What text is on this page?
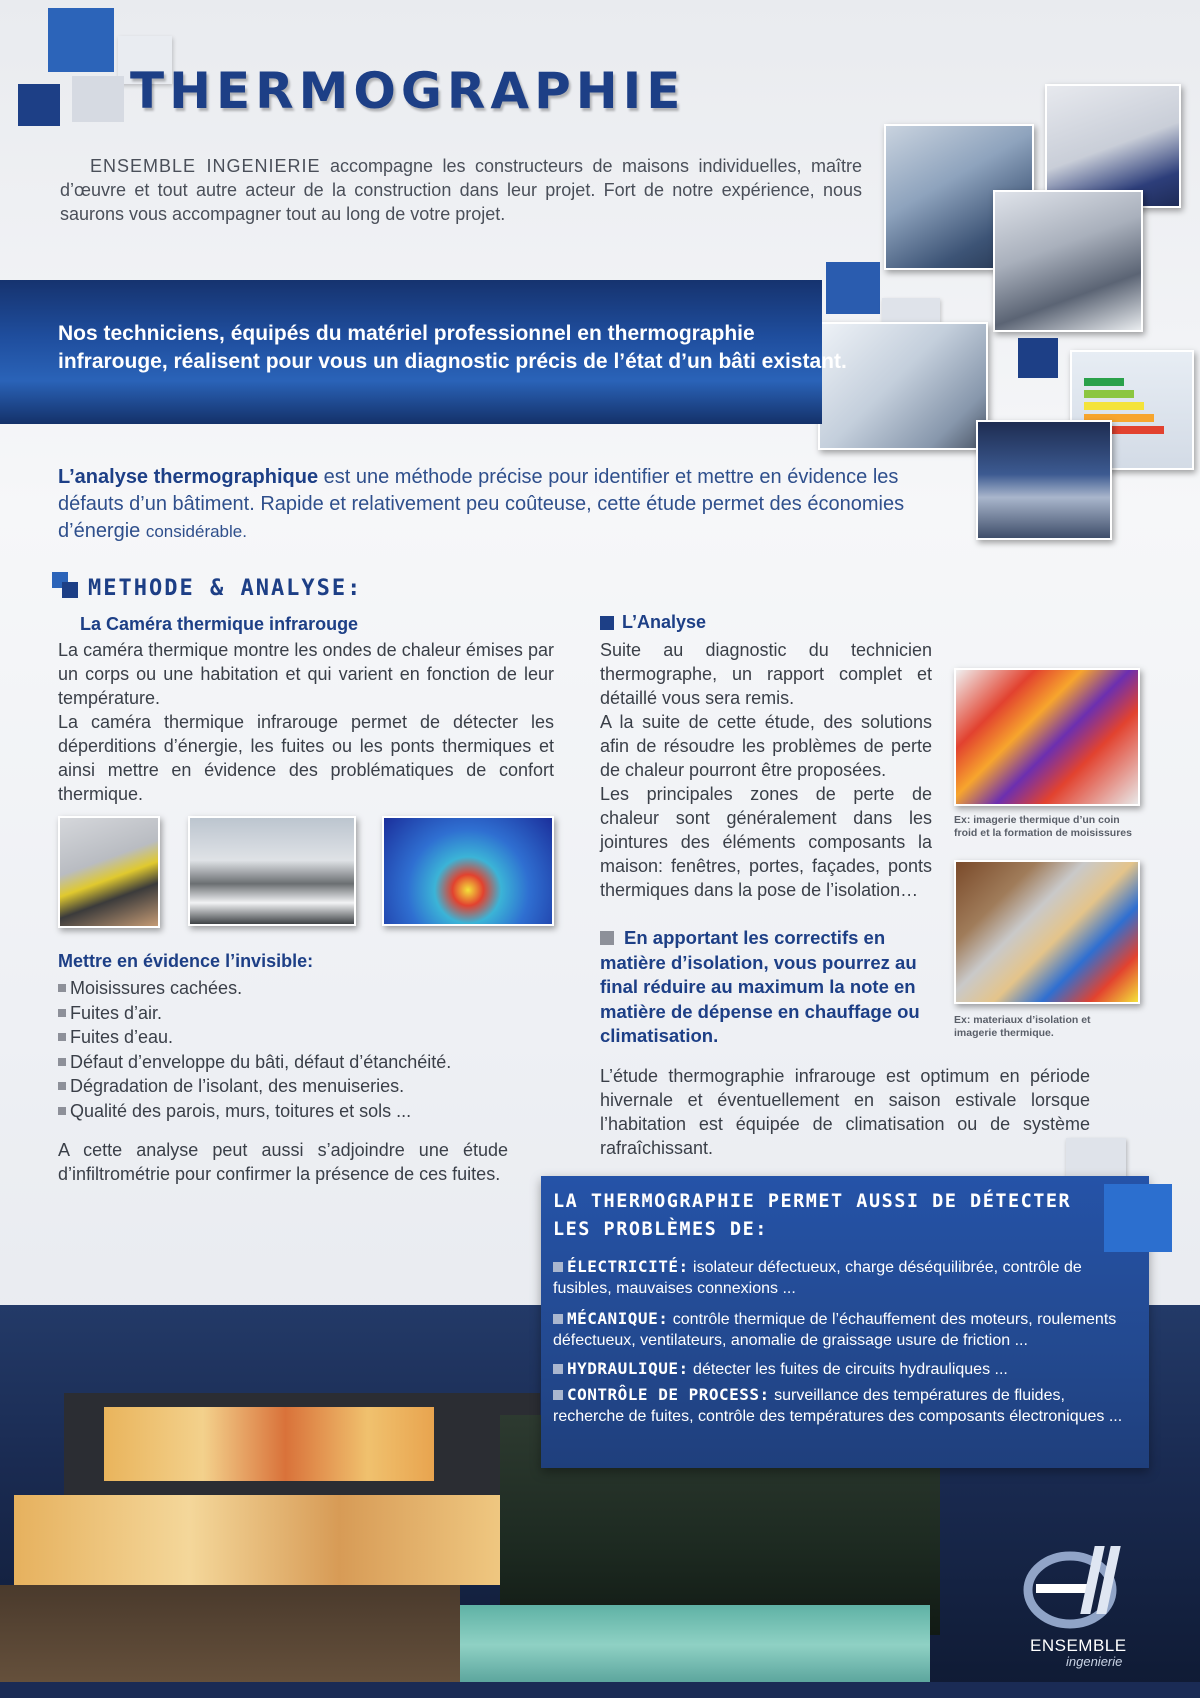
THERMOGRAPHIE

ENSEMBLE INGENIERIE accompagne les constructeurs de maisons individuelles, maître d’œuvre et tout autre acteur de la construction dans leur projet. Fort de notre expérience, nous saurons vous accompagner tout au long de votre projet.

Nos techniciens, équipés du matériel professionnel en thermographie
infrarouge, réalisent pour vous un diagnostic précis de l’état d’un bâti existant.

L’analyse thermographique est une méthode précise pour identifier et mettre en évidence les défauts d’un bâtiment. Rapide et relativement peu coûteuse, cette étude permet des économies d’énergie considérable.

METHODE & ANALYSE:
La Caméra thermique infrarouge

La caméra thermique montre les ondes de chaleur émises par un corps ou une habitation et qui varient en fonction de leur température.

La caméra thermique infrarouge permet de détecter les déperditions d’énergie, les fuites ou les ponts thermiques et ainsi mettre en évidence des problématiques de confort thermique.

Mettre en évidence l’invisible:
Moisissures cachées.
Fuites d’air.
Fuites d’eau.
Défaut d’enveloppe du bâti, défaut d’étanchéité.
Dégradation de l’isolant, des menuiseries.
Qualité des parois, murs, toitures et sols ...

A cette analyse peut aussi s’adjoindre une étude d’infiltrométrie pour confirmer la présence de ces fuites.

L’Analyse

Suite au diagnostic du technicien thermographe, un rapport complet et détaillé vous sera remis.

A la suite de cette étude, des solutions afin de résoudre les problèmes de perte de chaleur pourront être proposées.

Les principales zones de perte de chaleur sont généralement dans les jointures des éléments composants la maison: fenêtres, portes, façades, ponts thermiques dans la pose de l’isolation…

Ex: imagerie thermique d’un coin froid et la formation de moisissures
Ex: materiaux d’isolation et imagerie thermique.
En apportant les correctifs en matière d’isolation, vous pourrez au final réduire au maximum la note en matière de dépense en chauffage ou climatisation.

L’étude thermographie infrarouge est optimum en période hivernale et éventuellement en saison estivale lorsque l’habitation est équipée de climatisation ou de système rafraîchissant.

LA THERMOGRAPHIE PERMET AUSSI DE DÉTECTER
LES PROBLÈMES DE:
ÉLECTRICITÉ: isolateur défectueux, charge déséquilibrée, contrôle de fusibles, mauvaises connexions ...
MÉCANIQUE: contrôle thermique de l’échauffement des moteurs, roulements défectueux, ventilateurs, anomalie de graissage usure de friction ...
HYDRAULIQUE: détecter les fuites de circuits hydrauliques ...
CONTRÔLE DE PROCESS: surveillance des températures de fluides, recherche de fuites, contrôle des températures des composants électroniques ...
ENSEMBLE
ingenierie
